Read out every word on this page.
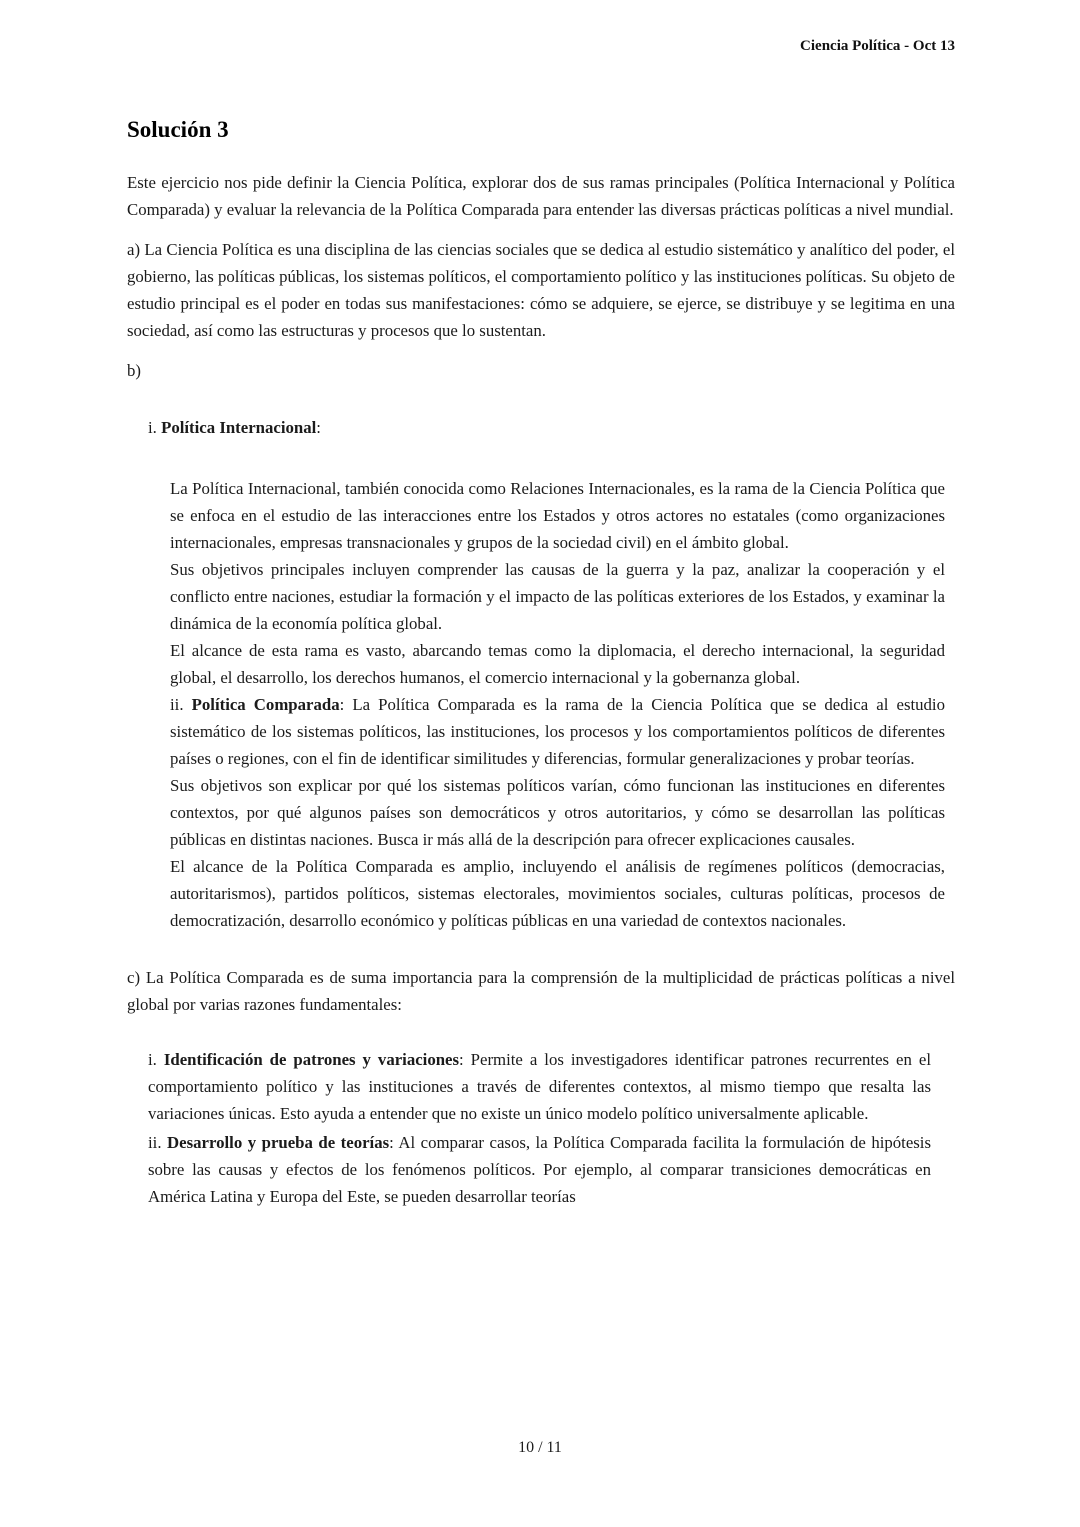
Ciencia Política - Oct 13
Solución 3

Este ejercicio nos pide definir la Ciencia Política, explorar dos de sus ramas principales (Política Internacional y Política Comparada) y evaluar la relevancia de la Política Comparada para entender las diversas prácticas políticas a nivel mundial.

a) La Ciencia Política es una disciplina de las ciencias sociales que se dedica al estudio sistemático y analítico del poder, el gobierno, las políticas públicas, los sistemas políticos, el comportamiento político y las instituciones políticas. Su objeto de estudio principal es el poder en todas sus manifestaciones: cómo se adquiere, se ejerce, se distribuye y se legitima en una sociedad, así como las estructuras y procesos que lo sustentan.

b)

i. Política Internacional:

La Política Internacional, también conocida como Relaciones Internacionales, es la rama de la Ciencia Política que se enfoca en el estudio de las interacciones entre los Estados y otros actores no estatales (como organizaciones internacionales, empresas transnacionales y grupos de la sociedad civil) en el ámbito global.

Sus objetivos principales incluyen comprender las causas de la guerra y la paz, analizar la cooperación y el conflicto entre naciones, estudiar la formación y el impacto de las políticas exteriores de los Estados, y examinar la dinámica de la economía política global.

El alcance de esta rama es vasto, abarcando temas como la diplomacia, el derecho internacional, la seguridad global, el desarrollo, los derechos humanos, el comercio internacional y la gobernanza global.

ii. Política Comparada: La Política Comparada es la rama de la Ciencia Política que se dedica al estudio sistemático de los sistemas políticos, las instituciones, los procesos y los comportamientos políticos de diferentes países o regiones, con el fin de identificar similitudes y diferencias, formular generalizaciones y probar teorías.

Sus objetivos son explicar por qué los sistemas políticos varían, cómo funcionan las instituciones en diferentes contextos, por qué algunos países son democráticos y otros autoritarios, y cómo se desarrollan las políticas públicas en distintas naciones. Busca ir más allá de la descripción para ofrecer explicaciones causales.

El alcance de la Política Comparada es amplio, incluyendo el análisis de regímenes políticos (democracias, autoritarismos), partidos políticos, sistemas electorales, movimientos sociales, culturas políticas, procesos de democratización, desarrollo económico y políticas públicas en una variedad de contextos nacionales.

c) La Política Comparada es de suma importancia para la comprensión de la multiplicidad de prácticas políticas a nivel global por varias razones fundamentales:

i. Identificación de patrones y variaciones: Permite a los investigadores identificar patrones recurrentes en el comportamiento político y las instituciones a través de diferentes contextos, al mismo tiempo que resalta las variaciones únicas. Esto ayuda a entender que no existe un único modelo político universalmente aplicable.

ii. Desarrollo y prueba de teorías: Al comparar casos, la Política Comparada facilita la formulación de hipótesis sobre las causas y efectos de los fenómenos políticos. Por ejemplo, al comparar transiciones democráticas en América Latina y Europa del Este, se pueden desarrollar teorías

10 / 11
